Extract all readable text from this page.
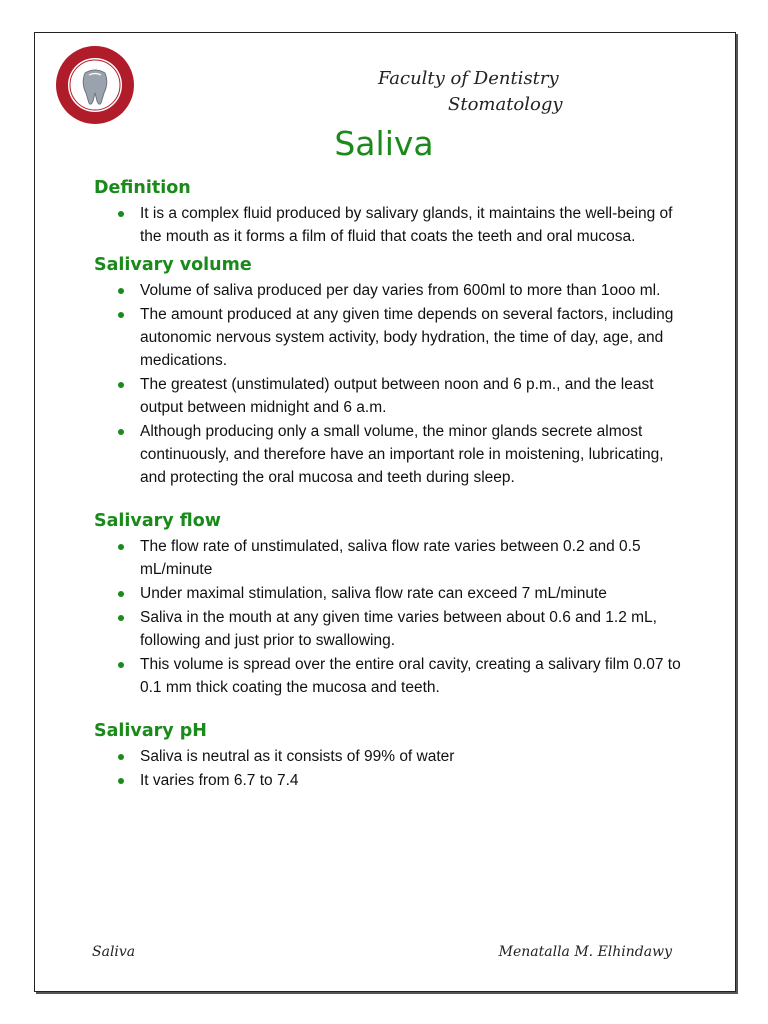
Faculty of Dentistry
Stomatology
Saliva
Definition
It is a complex fluid produced by salivary glands, it maintains the well-being of the mouth as it forms a film of fluid that coats the teeth and oral mucosa.
Salivary volume
Volume of saliva produced per day varies from 600ml to more than 1ooo ml.
The amount produced at any given time depends on several factors, including autonomic nervous system activity, body hydration, the time of day, age, and medications.
The greatest (unstimulated) output between noon and 6 p.m., and the least output between midnight and 6 a.m.
Although producing only a small volume, the minor glands secrete almost continuously, and therefore have an important role in moistening, lubricating, and protecting the oral mucosa and teeth during sleep.
Salivary flow
The flow rate of unstimulated, saliva flow rate varies between 0.2 and 0.5 mL/minute
Under maximal stimulation, saliva flow rate can exceed 7 mL/minute
Saliva in the mouth at any given time varies between about 0.6 and 1.2 mL, following and just prior to swallowing.
This volume is spread over the entire oral cavity, creating a salivary film 0.07 to 0.1 mm thick coating the mucosa and teeth.
Salivary pH
Saliva is neutral as it consists of 99% of water
It varies from 6.7 to 7.4
Saliva	Menatalla M. Elhindawy
